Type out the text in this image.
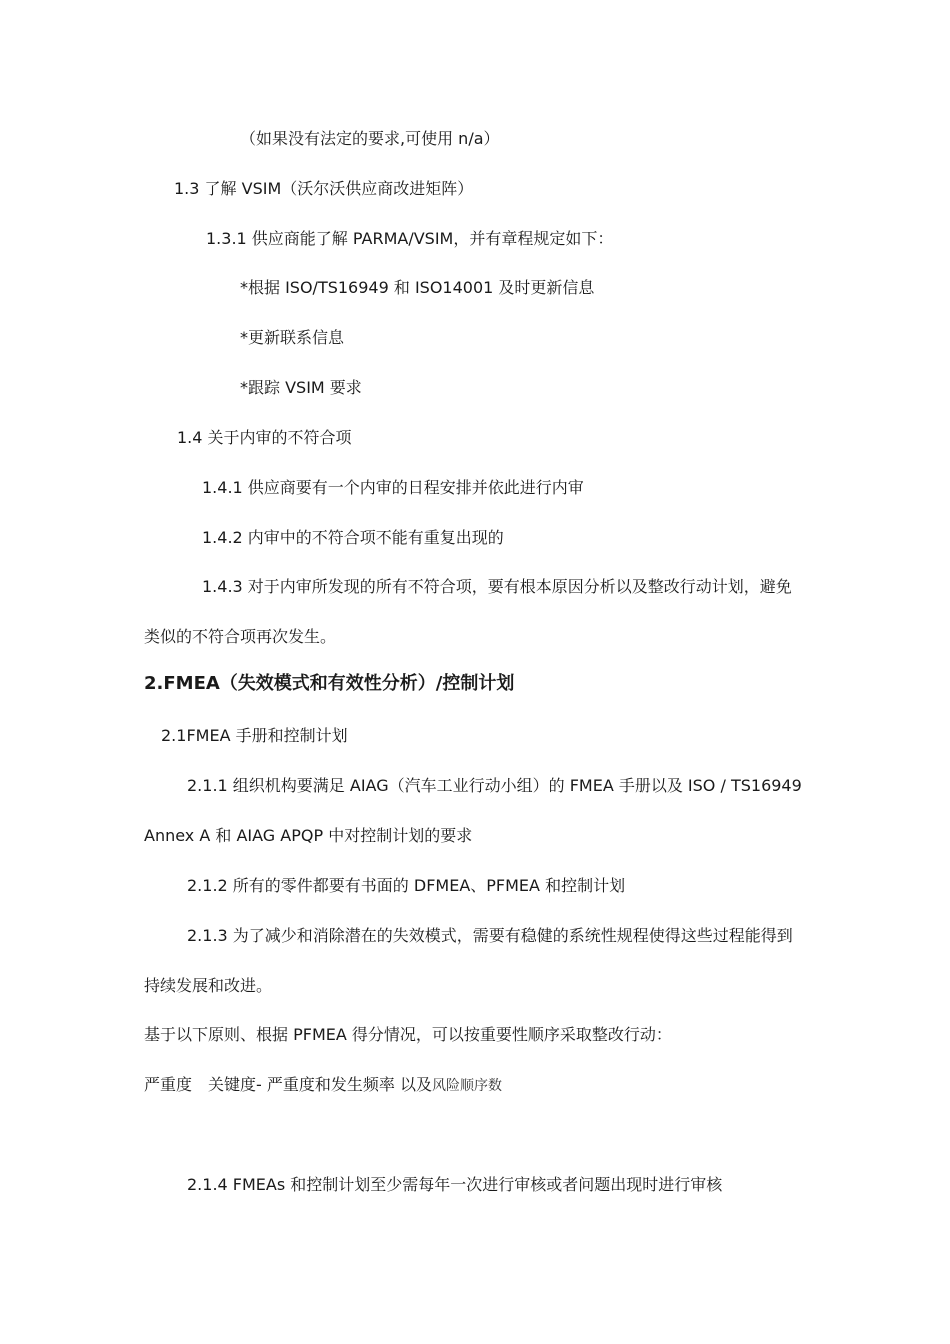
（如果没有法定的要求,可使用 n/a）
1.3 了解 VSIM（沃尔沃供应商改进矩阵）
1.3.1 供应商能了解 PARMA/VSIM，并有章程规定如下：
*根据 ISO/TS16949 和 ISO14001 及时更新信息
*更新联系信息
*跟踪 VSIM 要求
1.4 关于内审的不符合项
1.4.1 供应商要有一个内审的日程安排并依此进行内审
1.4.2 内审中的不符合项不能有重复出现的
1.4.3 对于内审所发现的所有不符合项，要有根本原因分析以及整改行动计划，避免
类似的不符合项再次发生。
2.FMEA（失效模式和有效性分析）/控制计划
2.1FMEA 手册和控制计划
2.1.1 组织机构要满足 AIAG（汽车工业行动小组）的 FMEA 手册以及 ISO / TS16949
Annex A 和 AIAG APQP 中对控制计划的要求
2.1.2 所有的零件都要有书面的 DFMEA、PFMEA 和控制计划
2.1.3 为了减少和消除潜在的失效模式，需要有稳健的系统性规程使得这些过程能得到
持续发展和改进。
基于以下原则、根据 PFMEA 得分情况，可以按重要性顺序采取整改行动：
严重度　关键度- 严重度和发生频率 以及风险顺序数
2.1.4 FMEAs 和控制计划至少需每年一次进行审核或者问题出现时进行审核
